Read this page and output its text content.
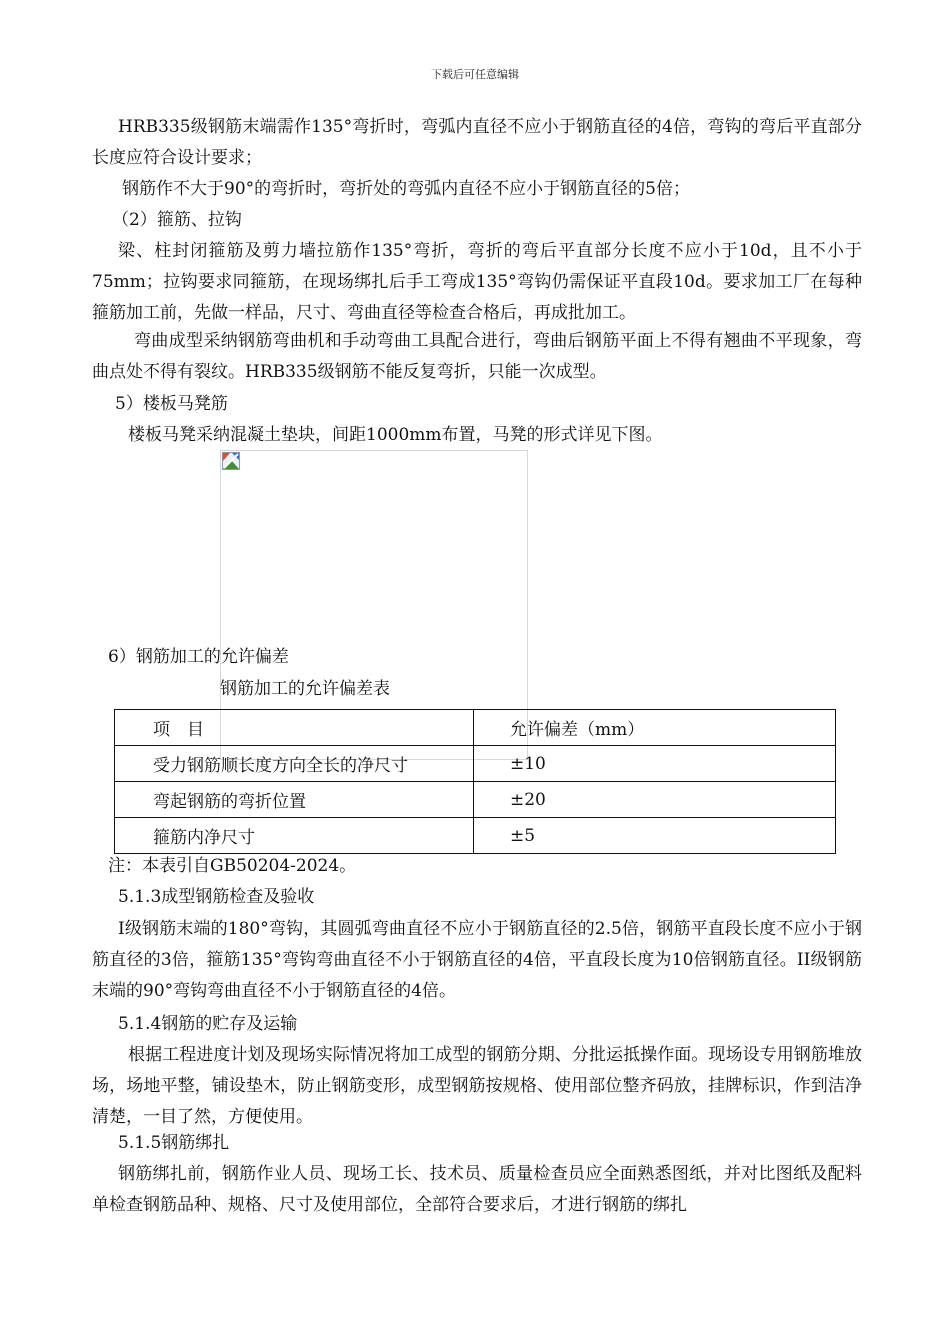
下载后可任意编辑

HRB335级钢筋末端需作135°弯折时，弯弧内直径不应小于钢筋直径的4倍，弯钩的弯后平直部分长度应符合设计要求；

钢筋作不大于90°的弯折时，弯折处的弯弧内直径不应小于钢筋直径的5倍；

（2）箍筋、拉钩

梁、柱封闭箍筋及剪力墙拉筋作135°弯折，弯折的弯后平直部分长度不应小于10d，且不小于75mm；拉钩要求同箍筋，在现场绑扎后手工弯成135°弯钩仍需保证平直段10d。要求加工厂在每种箍筋加工前，先做一样品，尺寸、弯曲直径等检查合格后，再成批加工。

弯曲成型采纳钢筋弯曲机和手动弯曲工具配合进行，弯曲后钢筋平面上不得有翘曲不平现象，弯曲点处不得有裂纹。HRB335级钢筋不能反复弯折，只能一次成型。

5）楼板马凳筋

楼板马凳采纳混凝土垫块，间距1000mm布置，马凳的形式详见下图。

6）钢筋加工的允许偏差

钢筋加工的允许偏差表

项　目	允许偏差（mm）
受力钢筋顺长度方向全长的净尺寸	±10
弯起钢筋的弯折位置	±20
箍筋内净尺寸	±5

注：本表引自GB50204-2024。

5.1.3成型钢筋检查及验收

I级钢筋末端的180°弯钩，其圆弧弯曲直径不应小于钢筋直径的2.5倍，钢筋平直段长度不应小于钢筋直径的3倍，箍筋135°弯钩弯曲直径不小于钢筋直径的4倍，平直段长度为10倍钢筋直径。II级钢筋末端的90°弯钩弯曲直径不小于钢筋直径的4倍。

5.1.4钢筋的贮存及运输

根据工程进度计划及现场实际情况将加工成型的钢筋分期、分批运抵操作面。现场设专用钢筋堆放场，场地平整，铺设垫木，防止钢筋变形，成型钢筋按规格、使用部位整齐码放，挂牌标识，作到洁净清楚，一目了然，方便使用。

5.1.5钢筋绑扎

钢筋绑扎前，钢筋作业人员、现场工长、技术员、质量检查员应全面熟悉图纸，并对比图纸及配料单检查钢筋品种、规格、尺寸及使用部位，全部符合要求后，才进行钢筋的绑扎
